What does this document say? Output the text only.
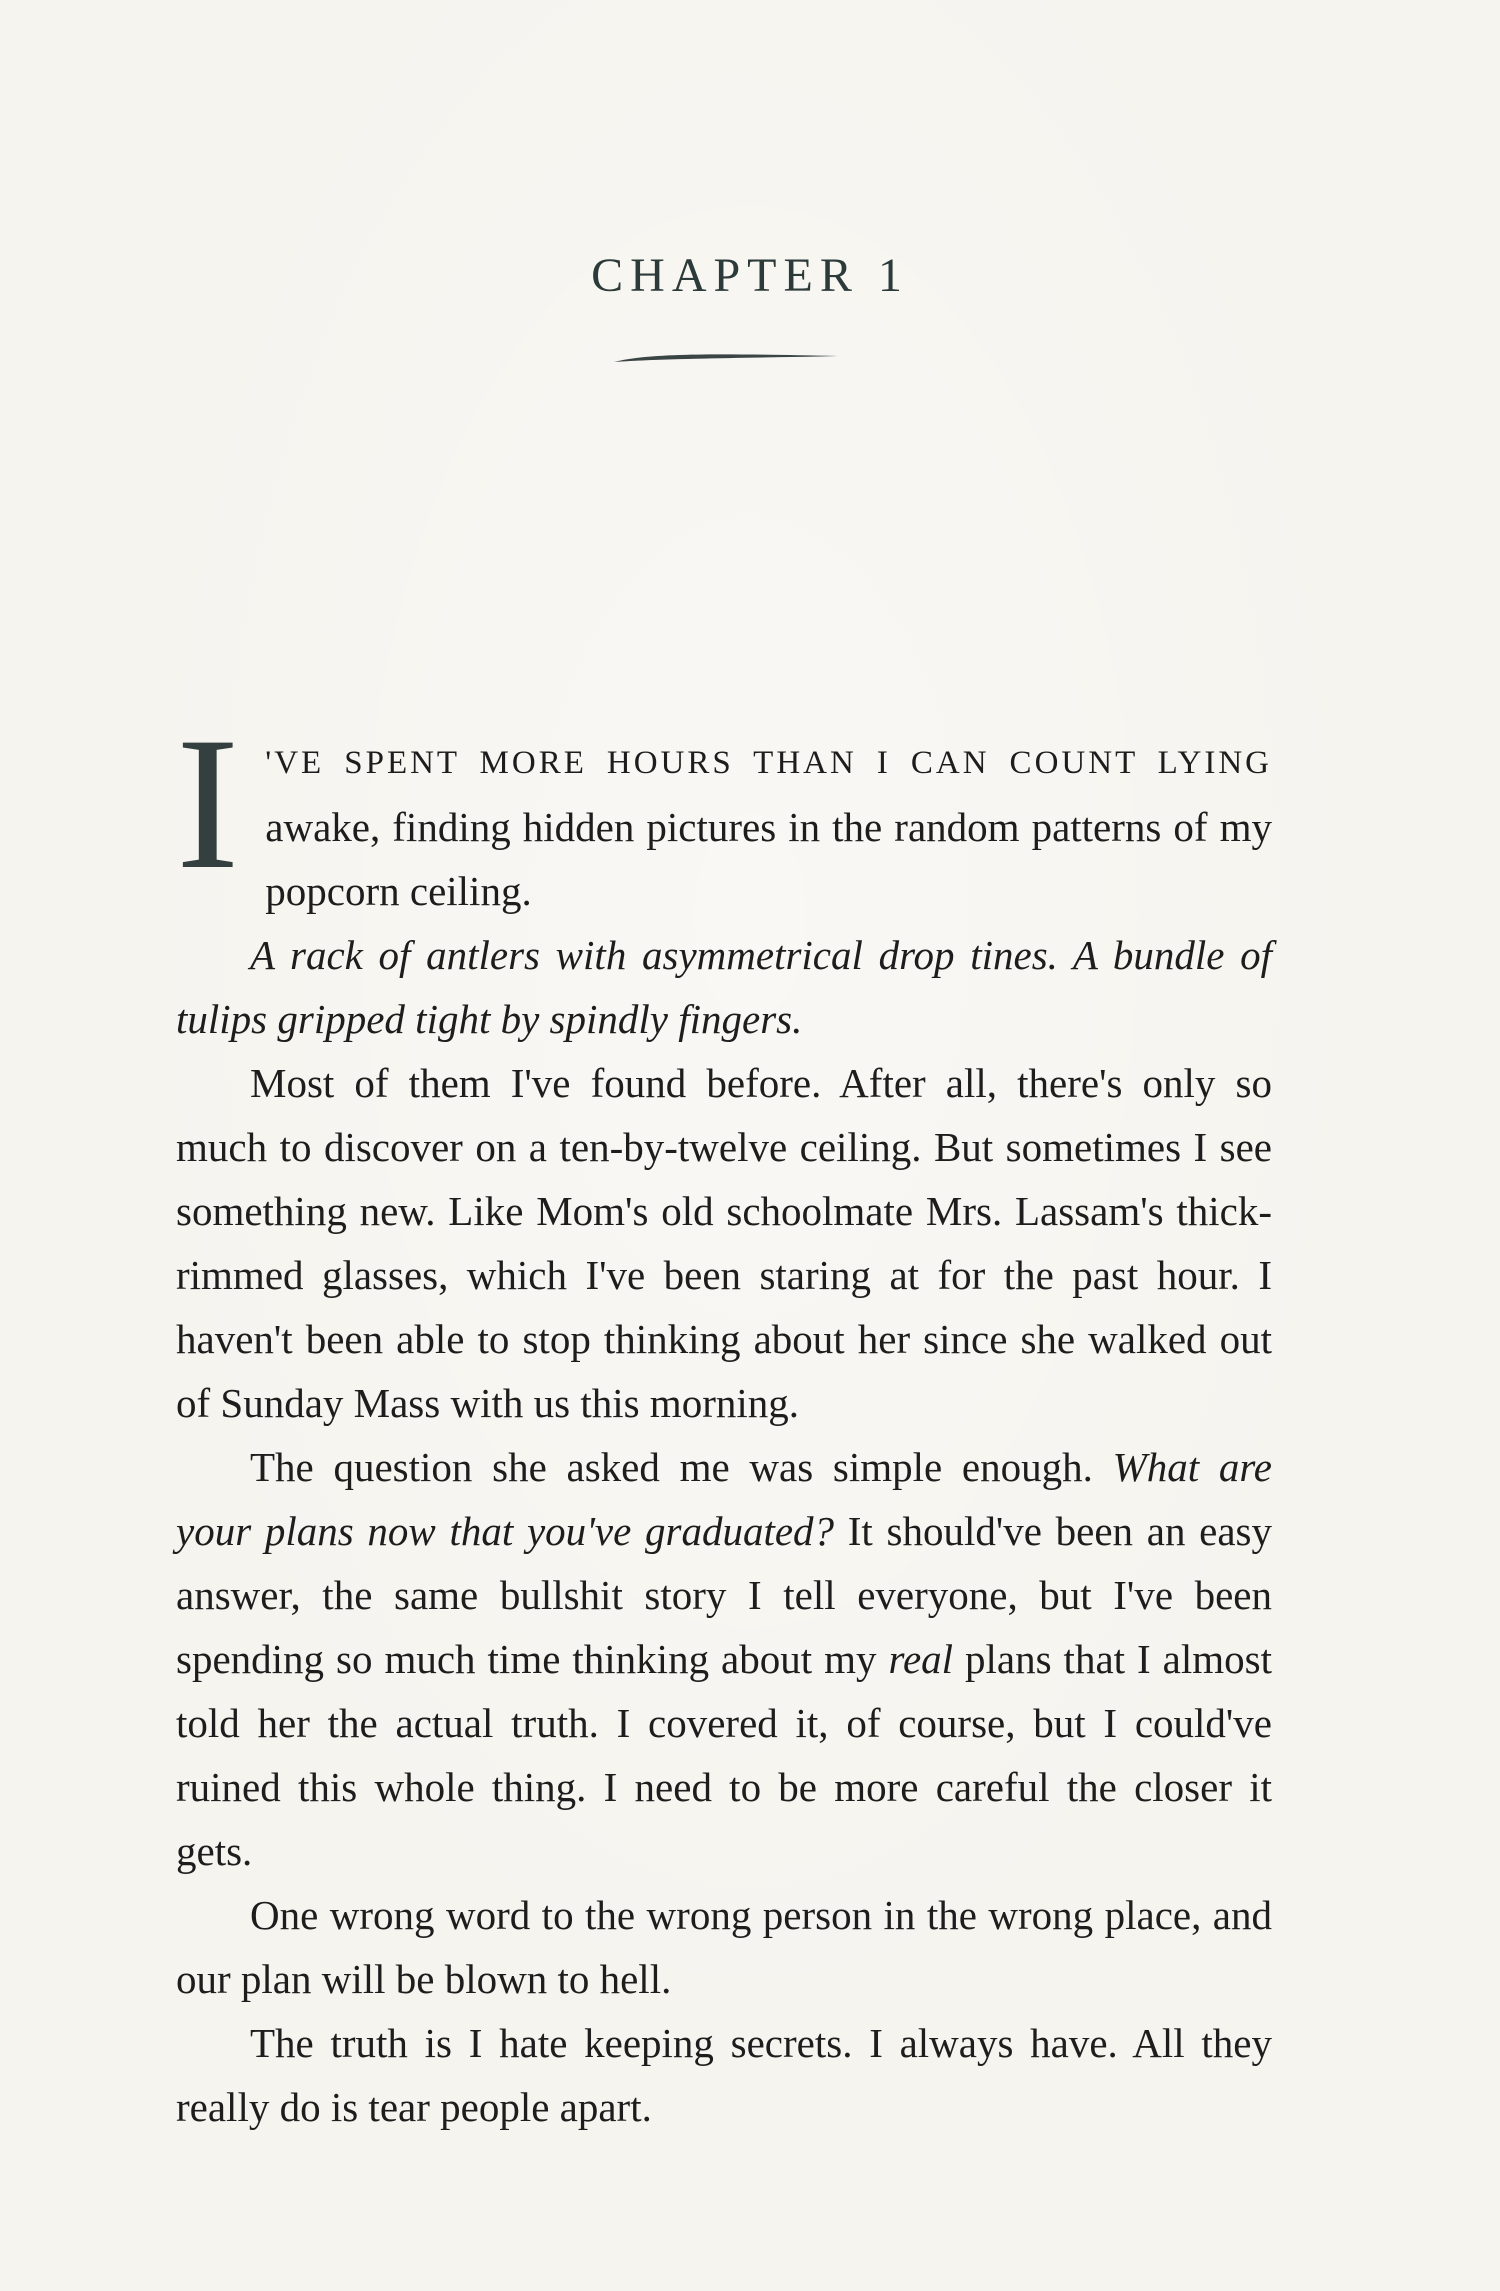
CHAPTER 1

I 'VE SPENT MORE HOURS THAN I CAN COUNT LYING awake, finding hidden pictures in the random patterns of my popcorn ceiling.

A rack of antlers with asymmetrical drop tines. A bundle of tulips gripped tight by spindly fingers.

Most of them I've found before. After all, there's only so much to discover on a ten-by-twelve ceiling. But sometimes I see something new. Like Mom's old schoolmate Mrs. Lassam's thick-rimmed glasses, which I've been staring at for the past hour. I haven't been able to stop thinking about her since she walked out of Sunday Mass with us this morning.

The question she asked me was simple enough. What are your plans now that you've graduated? It should've been an easy answer, the same bullshit story I tell everyone, but I've been spending so much time thinking about my real plans that I almost told her the actual truth. I covered it, of course, but I could've ruined this whole thing. I need to be more careful the closer it gets.

One wrong word to the wrong person in the wrong place, and our plan will be blown to hell.

The truth is I hate keeping secrets. I always have. All they really do is tear people apart.
